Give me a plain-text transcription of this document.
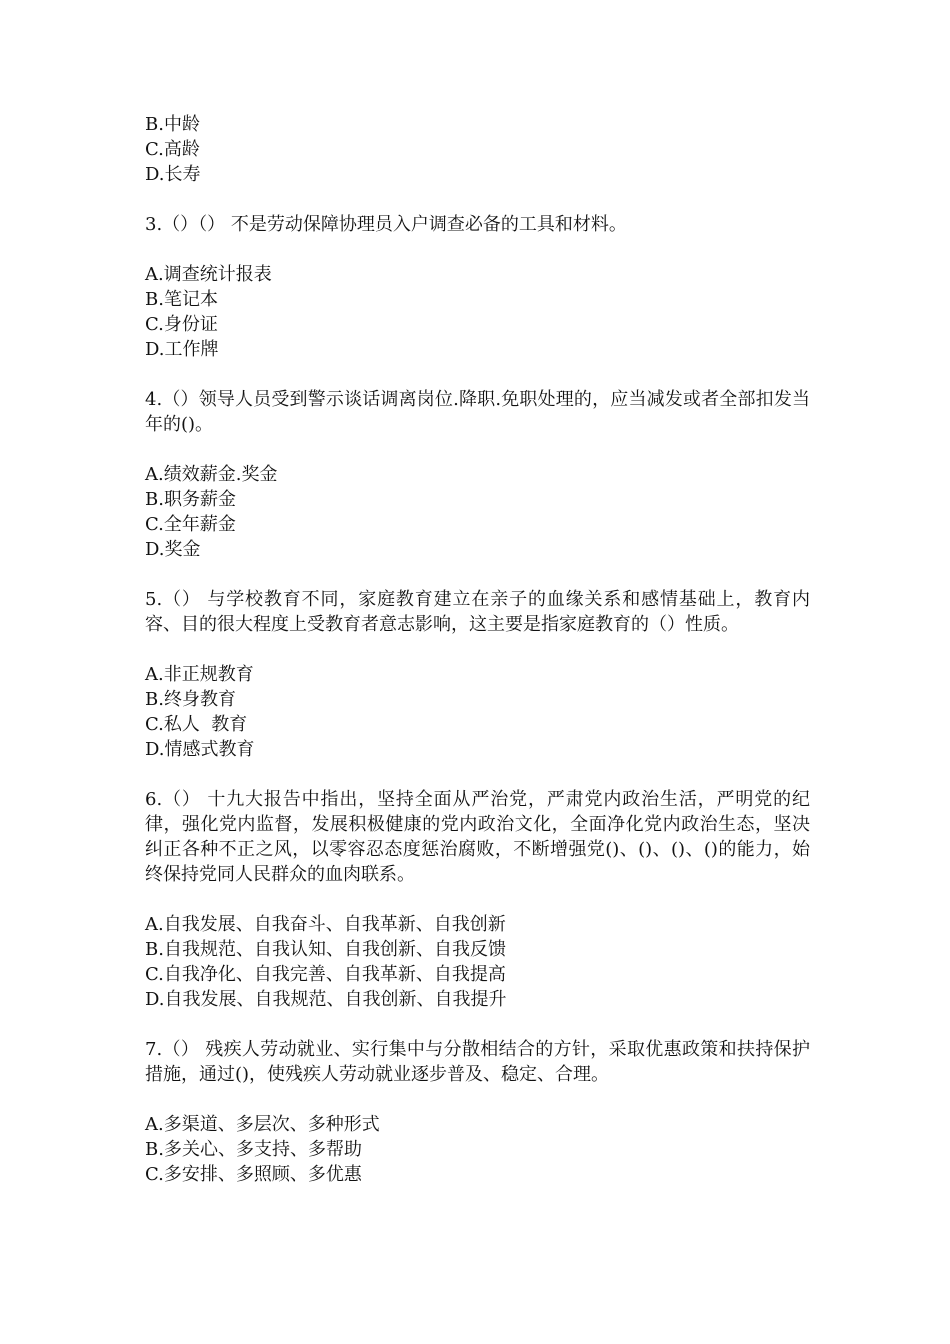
B.中龄

C.高龄

D.长寿

3.（）（） 不是劳动保障协理员入户调查必备的工具和材料。

A.调查统计报表

B.笔记本

C.身份证

D.工作牌

4.（）领导人员受到警示谈话调离岗位.降职.免职处理的，应当减发或者全部扣发当年的()。

A.绩效薪金.奖金

B.职务薪金

C.全年薪金

D.奖金

5.（） 与学校教育不同，家庭教育建立在亲子的血缘关系和感情基础上，教育内容、目的很大程度上受教育者意志影响，这主要是指家庭教育的（）性质。

A.非正规教育

B.终身教育

C.私人  教育

D.情感式教育

6.（） 十九大报告中指出，坚持全面从严治党，严肃党内政治生活，严明党的纪律，强化党内监督，发展积极健康的党内政治文化，全面净化党内政治生态，坚决纠正各种不正之风，以零容忍态度惩治腐败，不断增强党()、()、()、()的能力，始终保持党同人民群众的血肉联系。

A.自我发展、自我奋斗、自我革新、自我创新

B.自我规范、自我认知、自我创新、自我反馈

C.自我净化、自我完善、自我革新、自我提高

D.自我发展、自我规范、自我创新、自我提升

7.（） 残疾人劳动就业、实行集中与分散相结合的方针，采取优惠政策和扶持保护措施，通过()，使残疾人劳动就业逐步普及、稳定、合理。

A.多渠道、多层次、多种形式

B.多关心、多支持、多帮助

C.多安排、多照顾、多优惠
